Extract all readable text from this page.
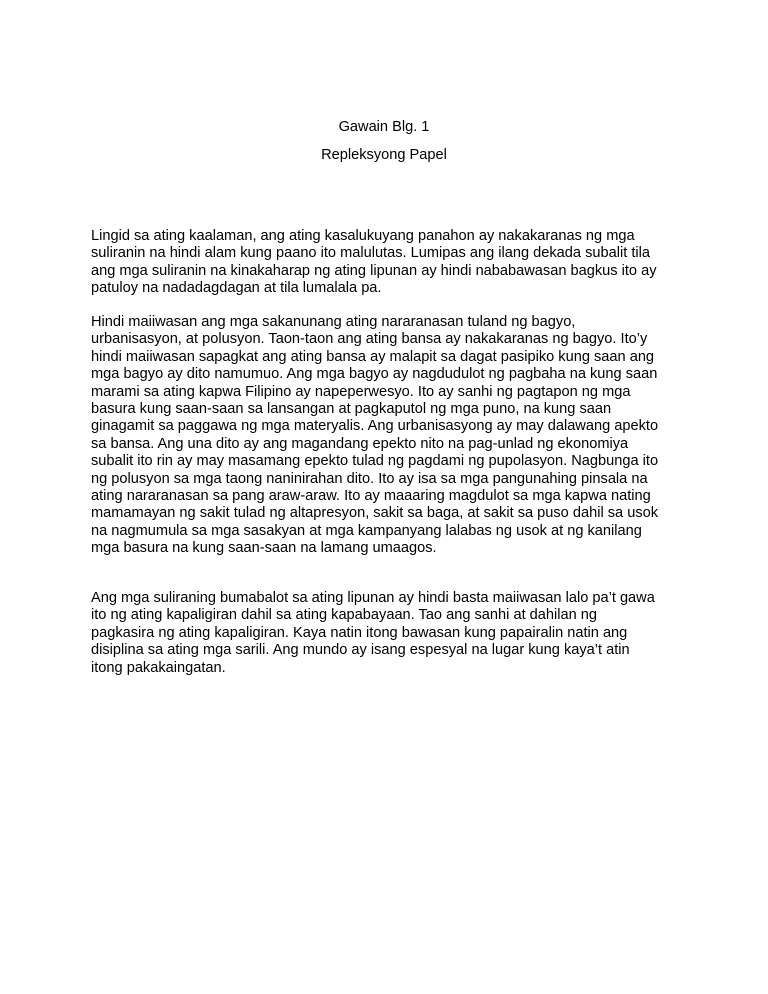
Gawain Blg. 1
Repleksyong Papel
Lingid sa ating kaalaman, ang ating kasalukuyang panahon ay nakakaranas ng mga
suliranin na hindi alam kung paano ito malulutas. Lumipas ang ilang dekada subalit tila
ang mga suliranin na kinakaharap ng ating lipunan ay hindi nababawasan bagkus ito ay
patuloy na nadadagdagan at tila lumalala pa.
Hindi maiiwasan ang mga sakanunang ating nararanasan tuland ng bagyo,
urbanisasyon, at polusyon. Taon-taon ang ating bansa ay nakakaranas ng bagyo. Ito’y
hindi maiiwasan sapagkat ang ating bansa ay malapit sa dagat pasipiko kung saan ang
mga bagyo ay dito namumuo. Ang mga bagyo ay nagdudulot ng pagbaha na kung saan
marami sa ating kapwa Filipino ay napeperwesyo. Ito ay sanhi ng pagtapon ng mga
basura kung saan-saan sa lansangan at pagkaputol ng mga puno, na kung saan
ginagamit sa paggawa ng mga materyalis. Ang urbanisasyong ay may dalawang apekto
sa bansa. Ang una dito ay ang magandang epekto nito na pag-unlad ng ekonomiya
subalit ito rin ay may masamang epekto tulad ng pagdami ng pupolasyon. Nagbunga ito
ng polusyon sa mga taong naninirahan dito. Ito ay isa sa mga pangunahing pinsala na
ating nararanasan sa pang araw-araw. Ito ay maaaring magdulot sa mga kapwa nating
mamamayan ng sakit tulad ng altapresyon, sakit sa baga, at sakit sa puso dahil sa usok
na nagmumula sa mga sasakyan at mga kampanyang lalabas ng usok at ng kanilang
mga basura na kung saan-saan na lamang umaagos.
Ang mga suliraning bumabalot sa ating lipunan ay hindi basta maiiwasan lalo pa’t gawa
ito ng ating kapaligiran dahil sa ating kapabayaan. Tao ang sanhi at dahilan ng
pagkasira ng ating kapaligiran. Kaya natin itong bawasan kung papairalin natin ang
disiplina sa ating mga sarili. Ang mundo ay isang espesyal na lugar kung kaya’t atin
itong pakakaingatan.
